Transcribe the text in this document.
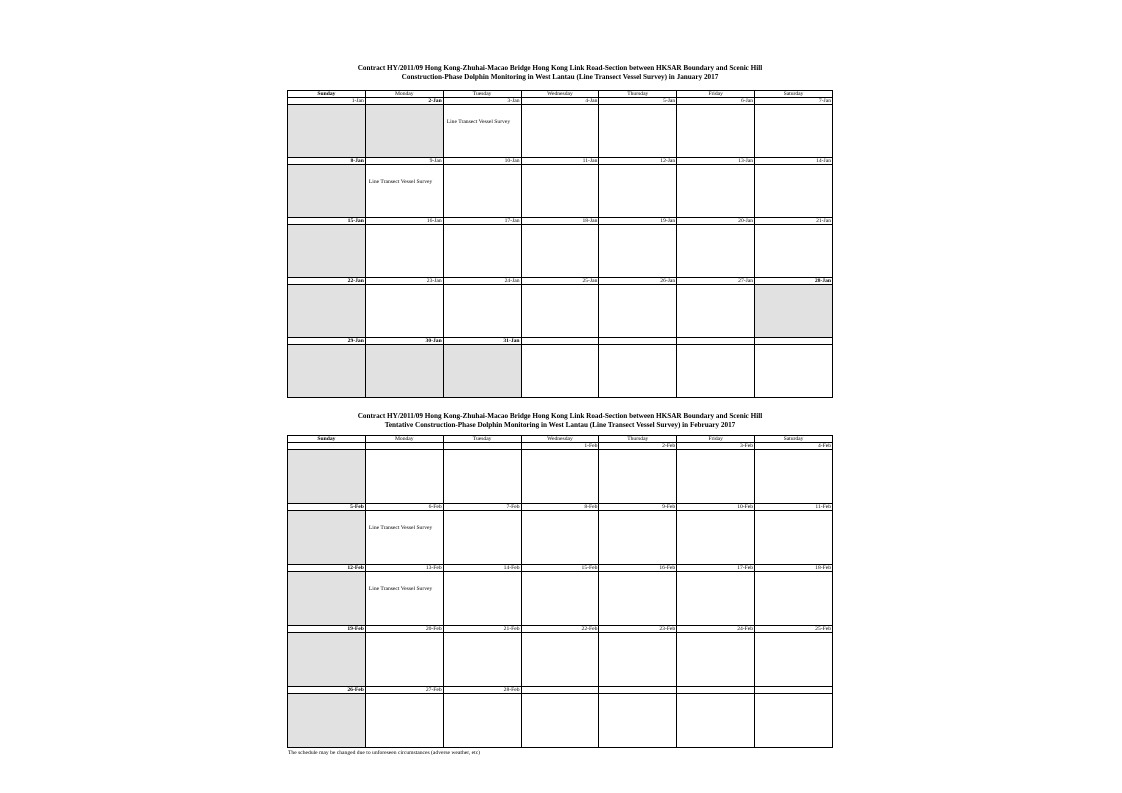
Contract HY/2011/09 Hong Kong-Zhuhai-Macao Bridge Hong Kong Link Road-Section between HKSAR Boundary and Scenic Hill
Construction-Phase Dolphin Monitoring in West Lantau (Line Transect Vessel Survey) in January 2017
Sunday	Monday	Tuesday	Wednesday	Thursday	Friday	Saturday
1-Jan	2-Jan	3-Jan	4-Jan	5-Jan	6-Jan	7-Jan

		Line Transect Vessel Survey				

8-Jan	9-Jan	10-Jan	11-Jan	12-Jan	13-Jan	14-Jan

	Line Transect Vessel Survey					

15-Jan	16-Jan	17-Jan	18-Jan	19-Jan	20-Jan	21-Jan

22-Jan	23-Jan	24-Jan	25-Jan	26-Jan	27-Jan	28-Jan

29-Jan	30-Jan	31-Jan				

Contract HY/2011/09 Hong Kong-Zhuhai-Macao Bridge Hong Kong Link Road-Section between HKSAR Boundary and Scenic Hill
Tentative Construction-Phase Dolphin Monitoring in West Lantau (Line Transect Vessel Survey) in February 2017
Sunday	Monday	Tuesday	Wednesday	Thursday	Friday	Saturday
			1-Feb	2-Feb	3-Feb	4-Feb

5-Feb	6-Feb	7-Feb	8-Feb	9-Feb	10-Feb	11-Feb

	Line Transect Vessel Survey					

12-Feb	13-Feb	14-Feb	15-Feb	16-Feb	17-Feb	18-Feb

	Line Transect Vessel Survey					

19-Feb	20-Feb	21-Feb	22-Feb	23-Feb	24-Feb	25-Feb

26-Feb	27-Feb	28-Feb				

The schedule may be changed due to unforeseen circumstances (adverse weather, etc)
